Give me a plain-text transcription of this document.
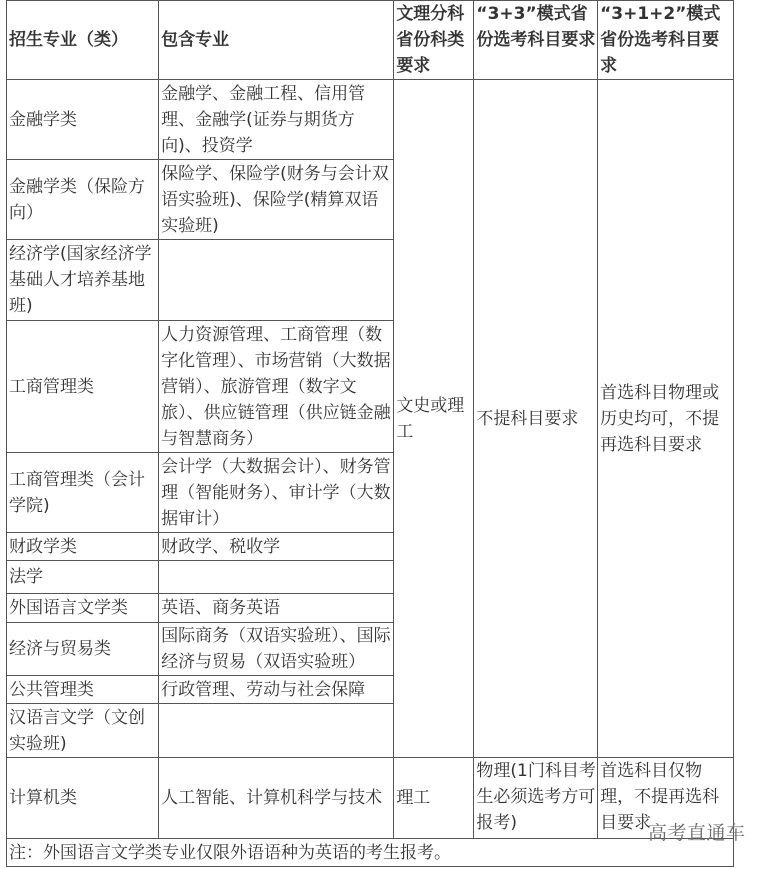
招生专业（类）	包含专业	文理分科省份科类要求	“3+3”模式省份选考科目要求	“3+1+2”模式省份选考科目要求
金融学类	金融学、金融工程、信用管理、金融学(证券与期货方向)、投资学	文史或理工	不提科目要求	首选科目物理或历史均可，不提再选科目要求
金融学类（保险方向）	保险学、保险学(财务与会计双语实验班)、保险学(精算双语实验班)			
经济学(国家经济学基础人才培养基地班)				
工商管理类	人力资源管理、工商管理（数字化管理）、市场营销（大数据营销）、旅游管理（数字文旅）、供应链管理（供应链金融与智慧商务）			
工商管理类（会计学院)	会计学（大数据会计）、财务管理（智能财务）、审计学（大数据审计）			
财政学类	财政学、税收学			
法学				
外国语言文学类	英语、商务英语			
经济与贸易类	国际商务（双语实验班）、国际经济与贸易（双语实验班）			
公共管理类	行政管理、劳动与社会保障			
汉语言文学（文创实验班)				
计算机类	人工智能、计算机科学与技术	理工	物理(1门科目考生必须选考方可报考)	首选科目仅物理，不提再选科目要求
注：外国语言文学类专业仅限外语语种为英语的考生报考。				
高考直通车
